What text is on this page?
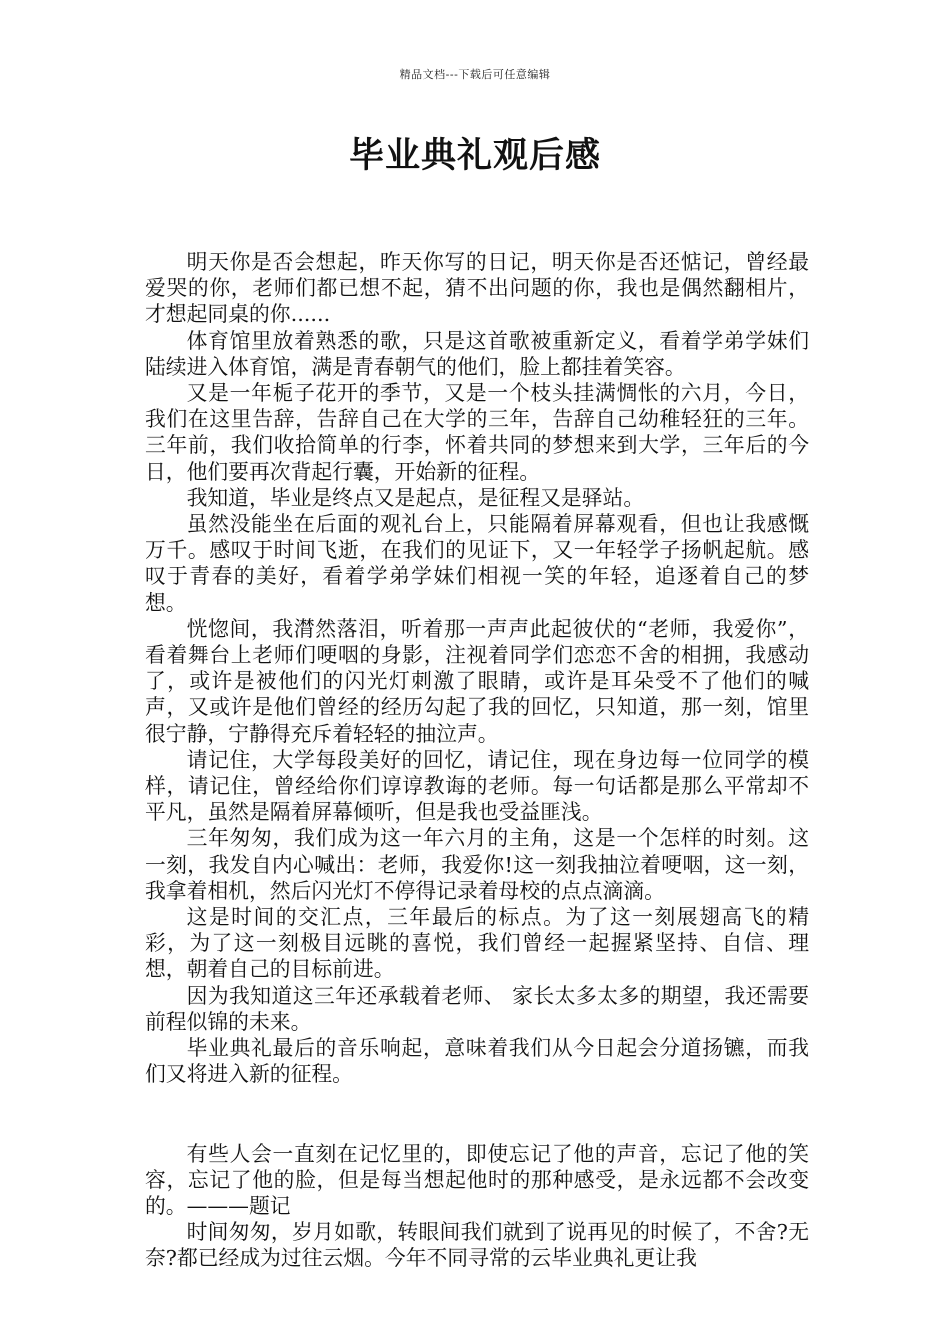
精品文档---下载后可任意编辑
毕业典礼观后感

明天你是否会想起，昨天你写的日记，明天你是否还惦记，曾经最爱哭的你，老师们都已想不起，猜不出问题的你，我也是偶然翻相片，才想起同桌的你......

体育馆里放着熟悉的歌，只是这首歌被重新定义，看着学弟学妹们陆续进入体育馆，满是青春朝气的他们，脸上都挂着笑容。

又是一年栀子花开的季节，又是一个枝头挂满惆怅的六月，今日，我们在这里告辞，告辞自己在大学的三年，告辞自己幼稚轻狂的三年。三年前，我们收拾简单的行李，怀着共同的梦想来到大学，三年后的今日，他们要再次背起行囊，开始新的征程。

我知道，毕业是终点又是起点，是征程又是驿站。

虽然没能坐在后面的观礼台上，只能隔着屏幕观看，但也让我感慨万千。感叹于时间飞逝，在我们的见证下，又一年轻学子扬帆起航。感叹于青春的美好，看着学弟学妹们相视一笑的年轻，追逐着自己的梦想。

恍惚间，我潸然落泪，听着那一声声此起彼伏的“老师，我爱你”，看着舞台上老师们哽咽的身影，注视着同学们恋恋不舍的相拥，我感动了，或许是被他们的闪光灯刺激了眼睛，或许是耳朵受不了他们的喊声，又或许是他们曾经的经历勾起了我的回忆，只知道，那一刻，馆里很宁静，宁静得充斥着轻轻的抽泣声。

请记住，大学每段美好的回忆，请记住，现在身边每一位同学的模样，请记住，曾经给你们谆谆教诲的老师。每一句话都是那么平常却不平凡，虽然是隔着屏幕倾听，但是我也受益匪浅。

三年匆匆，我们成为这一年六月的主角，这是一个怎样的时刻。这一刻，我发自内心喊出：老师，我爱你!这一刻我抽泣着哽咽，这一刻，我拿着相机，然后闪光灯不停得记录着母校的点点滴滴。

这是时间的交汇点，三年最后的标点。为了这一刻展翅高飞的精彩，为了这一刻极目远眺的喜悦，我们曾经一起握紧坚持、自信、理想，朝着自己的目标前进。

因为我知道这三年还承载着老师、 家长太多太多的期望，我还需要前程似锦的未来。

毕业典礼最后的音乐响起，意味着我们从今日起会分道扬镳，而我们又将进入新的征程。

有些人会一直刻在记忆里的，即使忘记了他的声音，忘记了他的笑容，忘记了他的脸，但是每当想起他时的那种感受，是永远都不会改变的。———题记

时间匆匆，岁月如歌，转眼间我们就到了说再见的时候了，不舍?无奈?都已经成为过往云烟。今年不同寻常的云毕业典礼更让我
